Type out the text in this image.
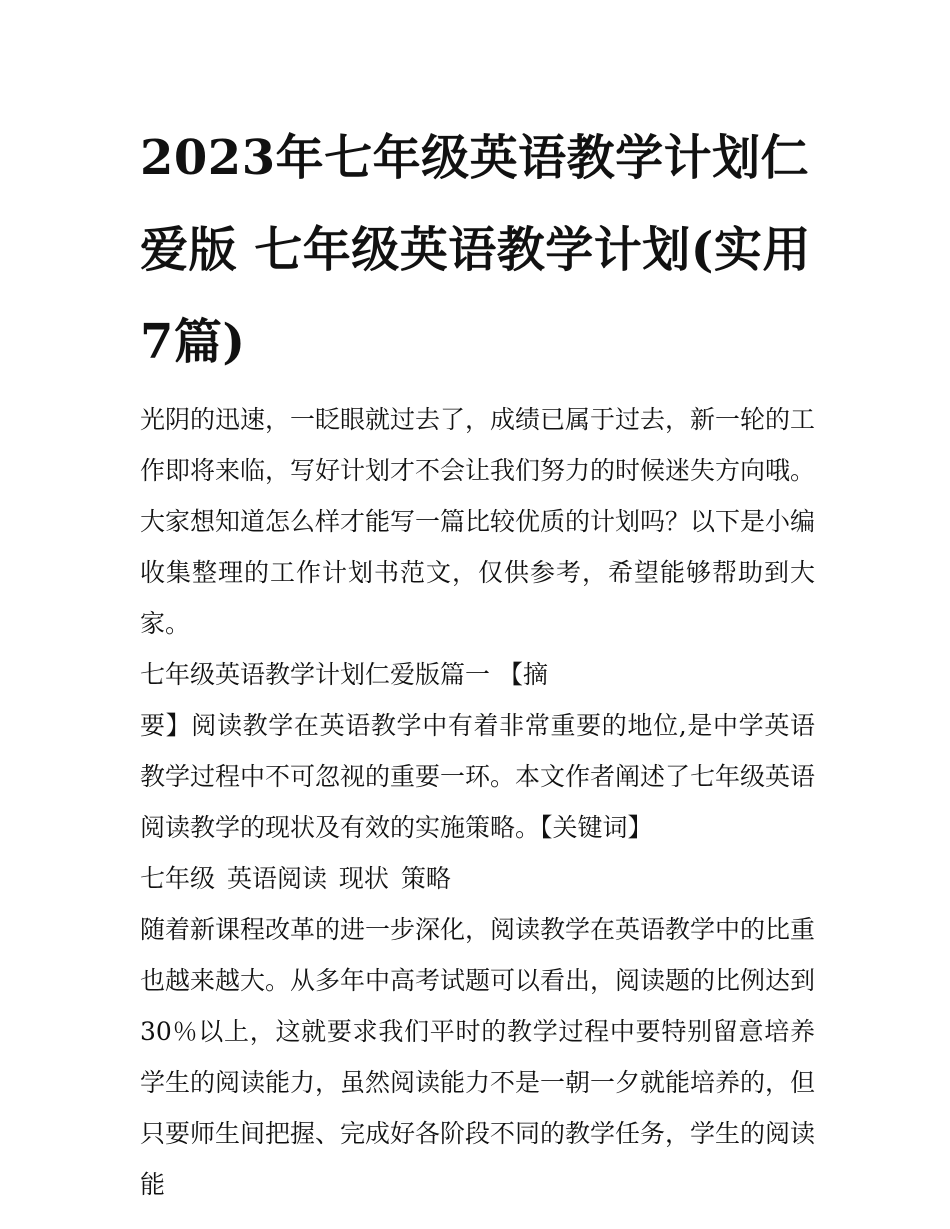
2023年七年级英语教学计划仁爱版 七年级英语教学计划(实用7篇)

光阴的迅速，一眨眼就过去了，成绩已属于过去，新一轮的工作即将来临，写好计划才不会让我们努力的时候迷失方向哦。大家想知道怎么样才能写一篇比较优质的计划吗？以下是小编收集整理的工作计划书范文，仅供参考，希望能够帮助到大家。

七年级英语教学计划仁爱版篇一 【摘

要】阅读教学在英语教学中有着非常重要的地位,是中学英语教学过程中不可忽视的重要一环。本文作者阐述了七年级英语阅读教学的现状及有效的实施策略。【关键词】

七年级 英语阅读 现状 策略

随着新课程改革的进一步深化，阅读教学在英语教学中的比重也越来越大。从多年中高考试题可以看出，阅读题的比例达到30％以上，这就要求我们平时的教学过程中要特别留意培养学生的阅读能力，虽然阅读能力不是一朝一夕就能培养的，但只要师生间把握、完成好各阶段不同的教学任务，学生的阅读能
